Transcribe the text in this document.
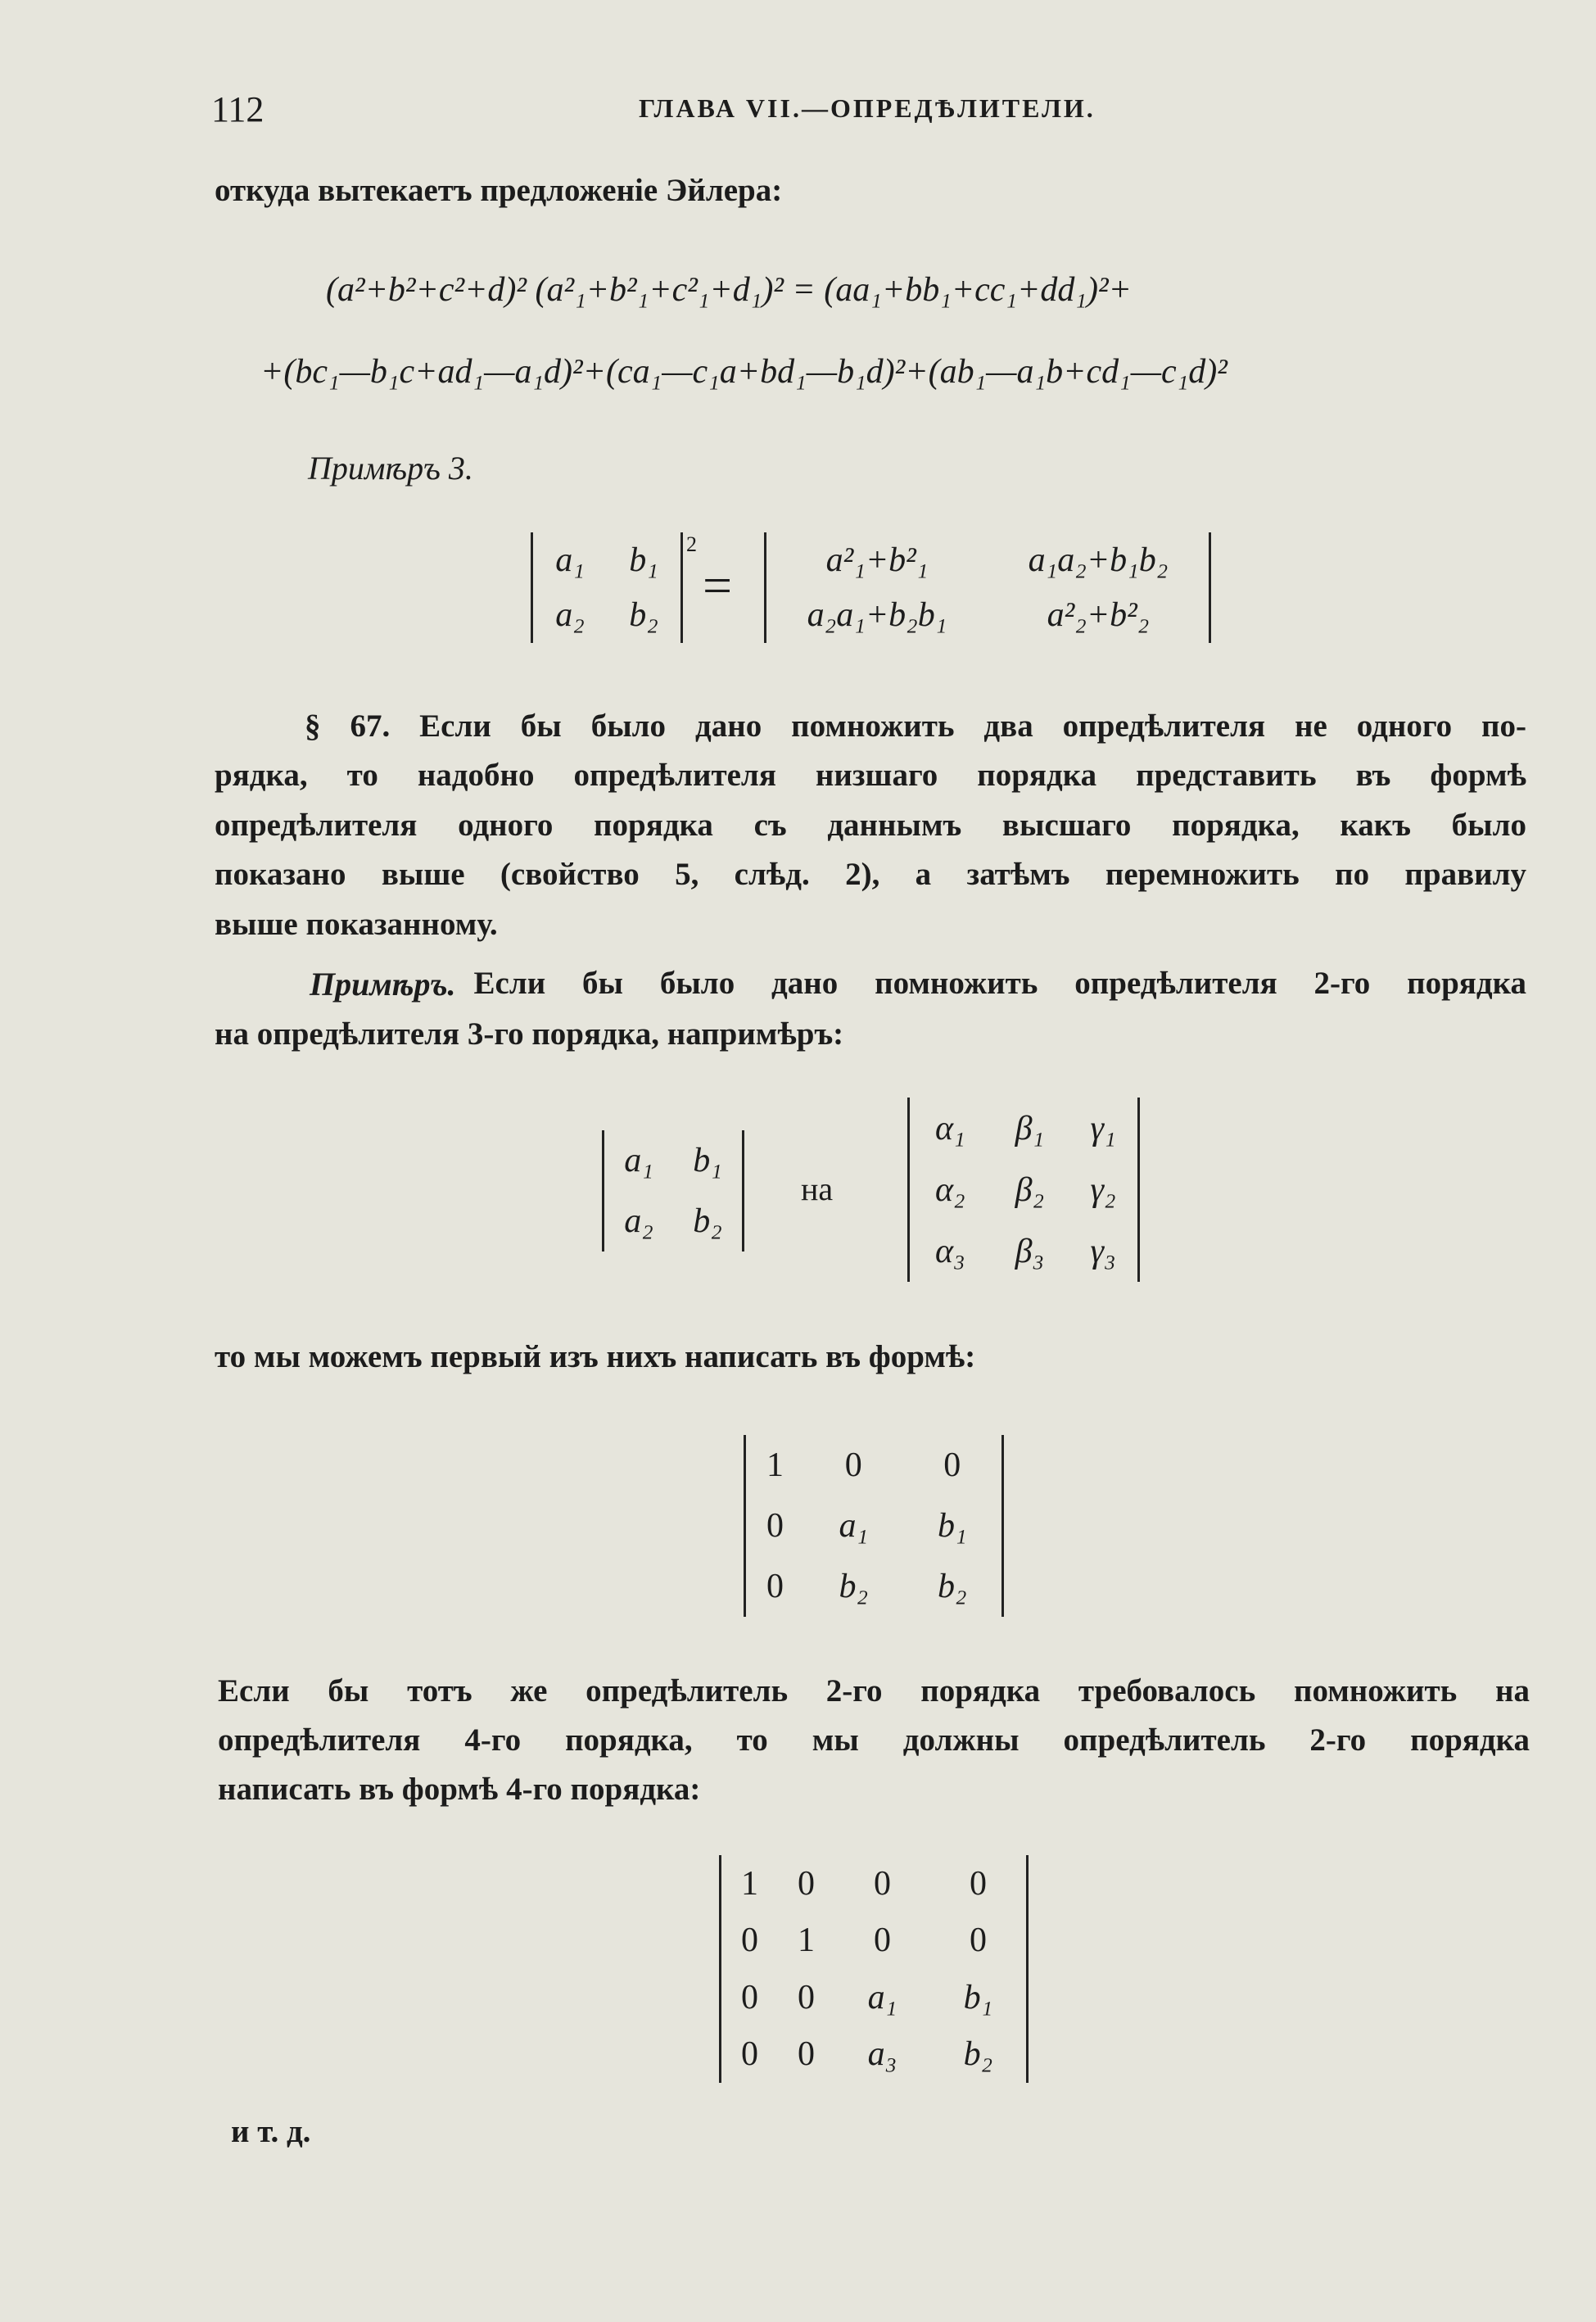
112	ГЛАВА VII.—ОПРЕДѢЛИТЕЛИ.
откуда вытекаетъ предложеніе Эйлера:
(a²+b²+c²+d)² (a²₁+b²₁+c²₁+d₁)² = (aa₁+bb₁+cc₁+dd₁)²+
+(bc₁—b₁c+ad₁—a₁d)²+(ca₁—c₁a+bd₁—b₁d)²+(ab₁—a₁b+cd₁—c₁d)²
Примѣръ 3.
a₁	b₁
a₂	b₂
2
=	a²₁+b²₁	a₁a₂+b₁b₂
a₂a₁+b₂b₁	a²₂+b²₂
§ 67. Если бы было дано помножить два опредѣлителя не одного по-
рядка, то надобно опредѣлителя низшаго порядка представить въ формѣ
опредѣлителя одного порядка съ даннымъ высшаго порядка, какъ было
показано выше (свойство 5, слѣд. 2), а затѣмъ перемножить по правилу
выше показанному.
Примѣръ. Если бы было дано помножить опредѣлителя 2-го порядка
на опредѣлителя 3-го порядка, напримѣръ:
a₁	b₁
a₂	b₂
на
α₁	β₁	γ₁
α₂	β₂	γ₂
α₃	β₃	γ₃
то мы можемъ первый изъ нихъ написать въ формѣ:
1	0	0
0	a₁	b₁
0	b₂	b₂
Если бы тотъ же опредѣлитель 2-го порядка требовалось помножить на
опредѣлителя 4-го порядка, то мы должны опредѣлитель 2-го порядка
написать въ формѣ 4-го порядка:
1	0	0	0
0	1	0	0
0	0	a₁	b₁
0	0	a₃	b₂
и т. д.
